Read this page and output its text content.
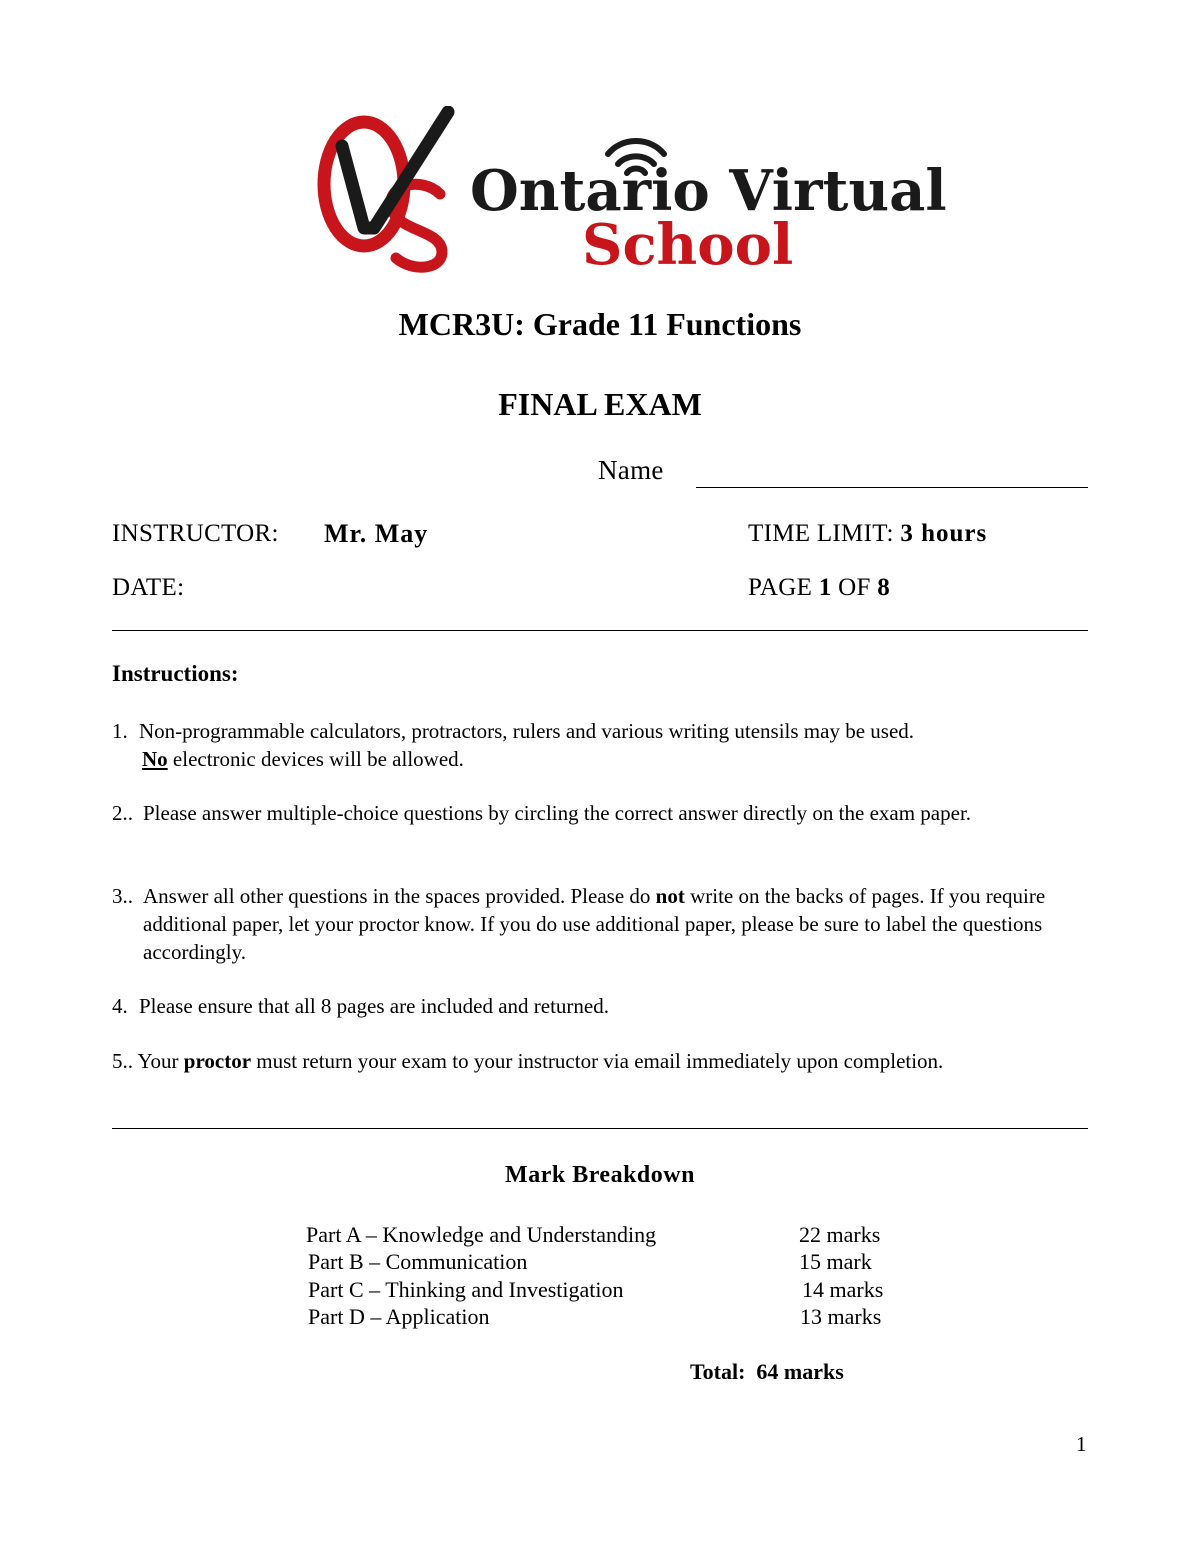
Ontario Virtual
School
MCR3U: Grade 11 Functions
FINAL EXAM
Name
INSTRUCTOR: Mr. May	TIME LIMIT: 3 hours
DATE:	PAGE 1 OF 8
Instructions:
1. Non-programmable calculators, protractors, rulers and various writing utensils may be used.
No electronic devices will be allowed.
2.. Please answer multiple-choice questions by circling the correct answer directly on the exam paper.
3.. Answer all other questions in the spaces provided. Please do not write on the backs of pages. If you require additional paper, let your proctor know. If you do use additional paper, please be sure to label the questions accordingly.
4. Please ensure that all 8 pages are included and returned.
5.. Your proctor must return your exam to your instructor via email immediately upon completion.
Mark Breakdown
Part A – Knowledge and Understanding	22 marks
Part B – Communication	15 mark
Part C – Thinking and Investigation	14 marks
Part D – Application	13 marks
Total: 64 marks
1
